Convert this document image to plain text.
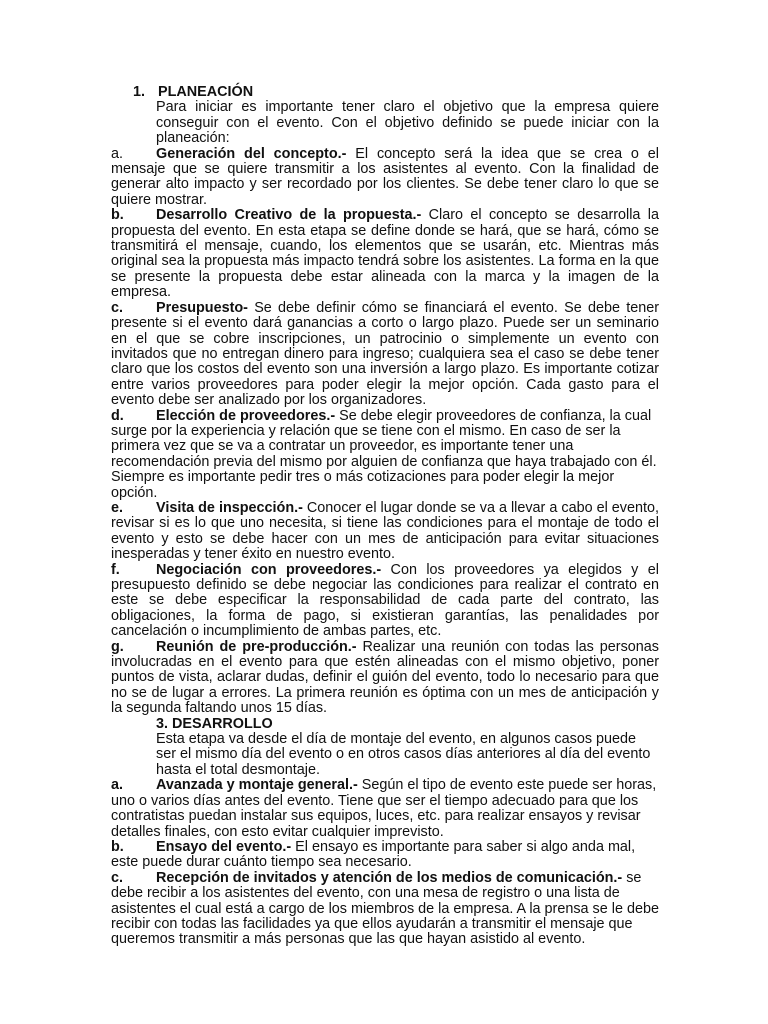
1. PLANEACIÓN
Para iniciar es importante tener claro el objetivo que la empresa quiere conseguir con el evento. Con el objetivo definido se puede iniciar con la planeación:
a. Generación del concepto.- El concepto será la idea que se crea o el mensaje que se quiere transmitir a los asistentes al evento. Con la finalidad de generar alto impacto y ser recordado por los clientes. Se debe tener claro lo que se quiere mostrar.
b. Desarrollo Creativo de la propuesta.- Claro el concepto se desarrolla la propuesta del evento. En esta etapa se define donde se hará, que se hará, cómo se transmitirá el mensaje, cuando, los elementos que se usarán, etc. Mientras más original sea la propuesta más impacto tendrá sobre los asistentes. La forma en la que se presente la propuesta debe estar alineada con la marca y la imagen de la empresa.
c. Presupuesto- Se debe definir cómo se financiará el evento. Se debe tener presente si el evento dará ganancias a corto o largo plazo. Puede ser un seminario en el que se cobre inscripciones, un patrocinio o simplemente un evento con invitados que no entregan dinero para ingreso; cualquiera sea el caso se debe tener claro que los costos del evento son una inversión a largo plazo. Es importante cotizar entre varios proveedores para poder elegir la mejor opción. Cada gasto para el evento debe ser analizado por los organizadores.
d. Elección de proveedores.- Se debe elegir proveedores de confianza, la cual surge por la experiencia y relación que se tiene con el mismo. En caso de ser la primera vez que se va a contratar un proveedor, es importante tener una recomendación previa del mismo por alguien de confianza que haya trabajado con él. Siempre es importante pedir tres o más cotizaciones para poder elegir la mejor opción.
e. Visita de inspección.- Conocer el lugar donde se va a llevar a cabo el evento, revisar si es lo que uno necesita, si tiene las condiciones para el montaje de todo el evento y esto se debe hacer con un mes de anticipación para evitar situaciones inesperadas y tener éxito en nuestro evento.
f.	Negociación con proveedores.- Con los proveedores ya elegidos y el presupuesto definido se debe negociar las condiciones para realizar el contrato en este se debe especificar la responsabilidad de cada parte del contrato, las obligaciones, la forma de pago, si existieran garantías, las penalidades por cancelación o incumplimiento de ambas partes, etc.
g. Reunión de pre-producción.- Realizar una reunión con todas las personas involucradas en el evento para que estén alineadas con el mismo objetivo, poner puntos de vista, aclarar dudas, definir el guión del evento, todo lo necesario para que no se de lugar a errores. La primera reunión es óptima con un mes de anticipación y la segunda faltando unos 15 días.
3. DESARROLLO
Esta etapa va desde el día de montaje del evento, en algunos casos puede ser el mismo día del evento o en otros casos días anteriores al día del evento hasta el total desmontaje.
a. Avanzada y montaje general.- Según el tipo de evento este puede ser horas, uno o varios días antes del evento. Tiene que ser el tiempo adecuado para que los contratistas puedan instalar sus equipos, luces, etc. para realizar ensayos y revisar detalles finales, con esto evitar cualquier imprevisto.
b. Ensayo del evento.- El ensayo es importante para saber si algo anda mal, este puede durar cuánto tiempo sea necesario.
c. Recepción de invitados y atención de los medios de comunicación.- se debe recibir a los asistentes del evento, con una mesa de registro o una lista de asistentes el cual está a cargo de los miembros de la empresa. A la prensa se le debe recibir con todas las facilidades ya que ellos ayudarán a transmitir el mensaje que queremos transmitir a más personas que las que hayan asistido al evento.
